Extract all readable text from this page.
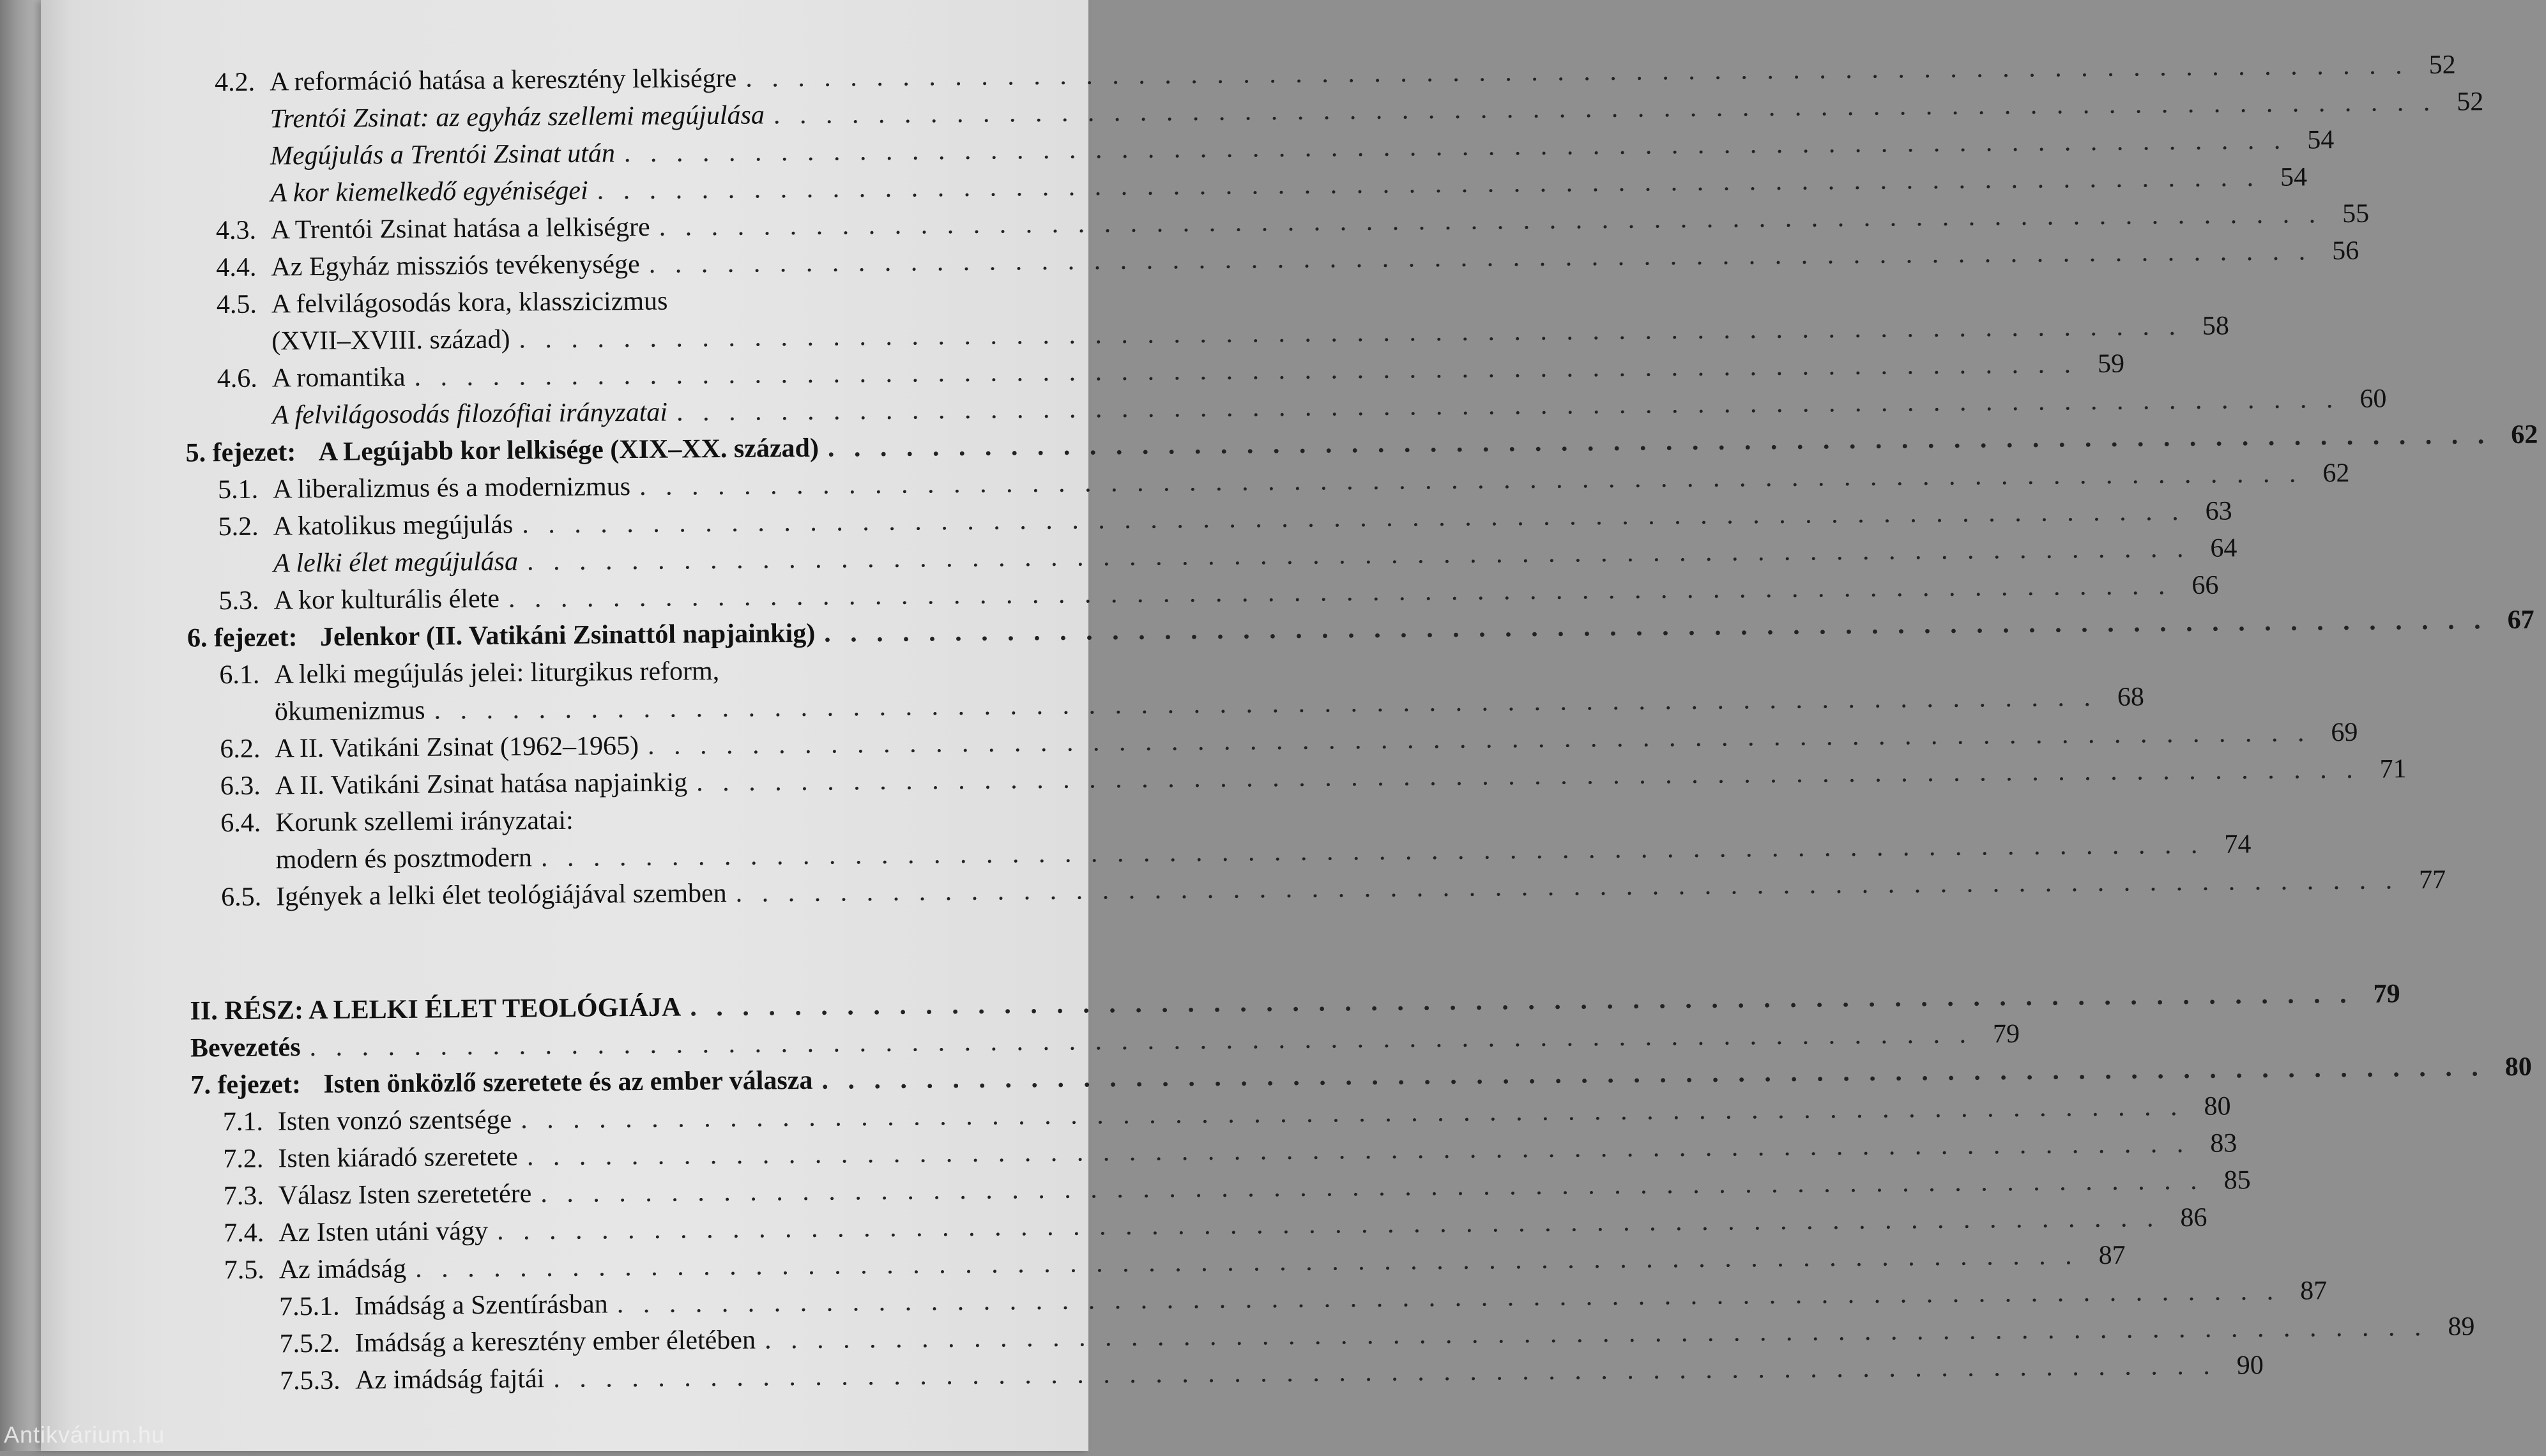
4.2. A reformáció hatása a keresztény lelkiségre . . . . . . . . . . . . . . . . . . . . . . . . . . . . . . . . . . . . . . . . . . . . . . . . . . . . . . . . . . . . . . . . 52
Trentói Zsinat: az egyház szellemi megújulása . . . . . . . . . . . . . . . . . . . . . . . . . . . . . . . . . . . . . . . . . . . . . . . . . . . . . . . . . . . . . . . . 52
Megújulás a Trentói Zsinat után . . . . . . . . . . . . . . . . . . . . . . . . . . . . . . . . . . . . . . . . . . . . . . . . . . . . . . . . . . . . . . . . 54
A kor kiemelkedő egyéniségei . . . . . . . . . . . . . . . . . . . . . . . . . . . . . . . . . . . . . . . . . . . . . . . . . . . . . . . . . . . . . . . . 54
4.3. A Trentói Zsinat hatása a lelkiségre . . . . . . . . . . . . . . . . . . . . . . . . . . . . . . . . . . . . . . . . . . . . . . . . . . . . . . . . . . . . . . . . 55
4.4. Az Egyház missziós tevékenysége . . . . . . . . . . . . . . . . . . . . . . . . . . . . . . . . . . . . . . . . . . . . . . . . . . . . . . . . . . . . . . . . 56
4.5. A felvilágosodás kora, klasszicizmus
(XVII–XVIII. század) . . . . . . . . . . . . . . . . . . . . . . . . . . . . . . . . . . . . . . . . . . . . . . . . . . . . . . . . . . . . . . . . 58
4.6. A romantika . . . . . . . . . . . . . . . . . . . . . . . . . . . . . . . . . . . . . . . . . . . . . . . . . . . . . . . . . . . . . . . . 59
A felvilágosodás filozófiai irányzatai . . . . . . . . . . . . . . . . . . . . . . . . . . . . . . . . . . . . . . . . . . . . . . . . . . . . . . . . . . . . . . . . 60
5. fejezet: A Legújabb kor lelkisége (XIX–XX. század) . . . . . . . . . . . . . . . . . . . . . . . . . . . . . . . . . . . . . . . . . . . . . . . . . . . . . . . . . . . . . . . . 62
5.1. A liberalizmus és a modernizmus . . . . . . . . . . . . . . . . . . . . . . . . . . . . . . . . . . . . . . . . . . . . . . . . . . . . . . . . . . . . . . . . 62
5.2. A katolikus megújulás . . . . . . . . . . . . . . . . . . . . . . . . . . . . . . . . . . . . . . . . . . . . . . . . . . . . . . . . . . . . . . . . 63
A lelki élet megújulása . . . . . . . . . . . . . . . . . . . . . . . . . . . . . . . . . . . . . . . . . . . . . . . . . . . . . . . . . . . . . . . . 64
5.3. A kor kulturális élete . . . . . . . . . . . . . . . . . . . . . . . . . . . . . . . . . . . . . . . . . . . . . . . . . . . . . . . . . . . . . . . . 66
6. fejezet: Jelenkor (II. Vatikáni Zsinattól napjainkig) . . . . . . . . . . . . . . . . . . . . . . . . . . . . . . . . . . . . . . . . . . . . . . . . . . . . . . . . . . . . . . . . 67
6.1. A lelki megújulás jelei: liturgikus reform,
ökumenizmus . . . . . . . . . . . . . . . . . . . . . . . . . . . . . . . . . . . . . . . . . . . . . . . . . . . . . . . . . . . . . . . . 68
6.2. A II. Vatikáni Zsinat (1962–1965) . . . . . . . . . . . . . . . . . . . . . . . . . . . . . . . . . . . . . . . . . . . . . . . . . . . . . . . . . . . . . . . . 69
6.3. A II. Vatikáni Zsinat hatása napjainkig . . . . . . . . . . . . . . . . . . . . . . . . . . . . . . . . . . . . . . . . . . . . . . . . . . . . . . . . . . . . . . . . 71
6.4. Korunk szellemi irányzatai:
modern és posztmodern . . . . . . . . . . . . . . . . . . . . . . . . . . . . . . . . . . . . . . . . . . . . . . . . . . . . . . . . . . . . . . . . 74
6.5. Igények a lelki élet teológiájával szemben . . . . . . . . . . . . . . . . . . . . . . . . . . . . . . . . . . . . . . . . . . . . . . . . . . . . . . . . . . . . . . . . 77
II. RÉSZ: A LELKI ÉLET TEOLÓGIÁJA . . . . . . . . . . . . . . . . . . . . . . . . . . . . . . . . . . . . . . . . . . . . . . . . . . . . . . . . . . . . . . . . 79
Bevezetés . . . . . . . . . . . . . . . . . . . . . . . . . . . . . . . . . . . . . . . . . . . . . . . . . . . . . . . . . . . . . . . . 79
7. fejezet: Isten önközlő szeretete és az ember válasza . . . . . . . . . . . . . . . . . . . . . . . . . . . . . . . . . . . . . . . . . . . . . . . . . . . . . . . . . . . . . . . . 80
7.1. Isten vonzó szentsége . . . . . . . . . . . . . . . . . . . . . . . . . . . . . . . . . . . . . . . . . . . . . . . . . . . . . . . . . . . . . . . . 80
7.2. Isten kiáradó szeretete . . . . . . . . . . . . . . . . . . . . . . . . . . . . . . . . . . . . . . . . . . . . . . . . . . . . . . . . . . . . . . . . 83
7.3. Válasz Isten szeretetére . . . . . . . . . . . . . . . . . . . . . . . . . . . . . . . . . . . . . . . . . . . . . . . . . . . . . . . . . . . . . . . . 85
7.4. Az Isten utáni vágy . . . . . . . . . . . . . . . . . . . . . . . . . . . . . . . . . . . . . . . . . . . . . . . . . . . . . . . . . . . . . . . . 86
7.5. Az imádság . . . . . . . . . . . . . . . . . . . . . . . . . . . . . . . . . . . . . . . . . . . . . . . . . . . . . . . . . . . . . . . . 87
7.5.1. Imádság a Szentírásban . . . . . . . . . . . . . . . . . . . . . . . . . . . . . . . . . . . . . . . . . . . . . . . . . . . . . . . . . . . . . . . . 87
7.5.2. Imádság a keresztény ember életében . . . . . . . . . . . . . . . . . . . . . . . . . . . . . . . . . . . . . . . . . . . . . . . . . . . . . . . . . . . . . . . . 89
7.5.3. Az imádság fajtái . . . . . . . . . . . . . . . . . . . . . . . . . . . . . . . . . . . . . . . . . . . . . . . . . . . . . . . . . . . . . . . . 90
Antikvárium.hu
